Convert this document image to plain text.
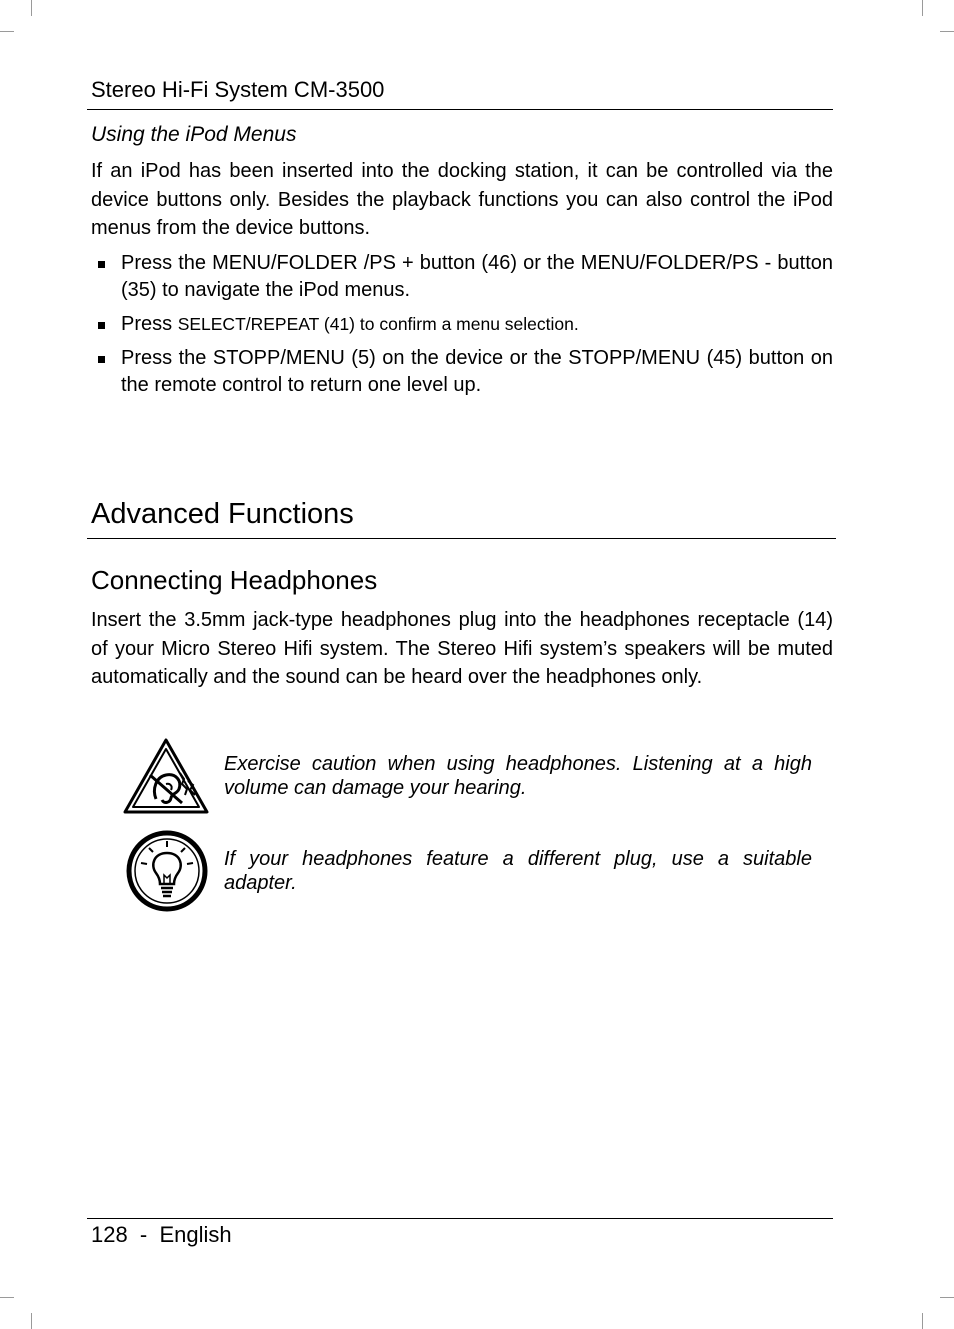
Stereo Hi-Fi System CM-3500
Using the iPod Menus
If an iPod has been inserted into the docking station, it can be controlled via the device buttons only. Besides the playback functions you can also control the iPod menus from the device buttons.
Press the MENU/FOLDER /PS + button (46) or the MENU/FOLDER/PS - button (35) to navigate the iPod menus.
Press SELECT/REPEAT (41) to confirm a menu selection.
Press the STOPP/MENU (5) on the device or the STOPP/MENU (45) button on the remote control to return one level up.
Advanced Functions
Connecting Headphones
Insert the 3.5mm jack-type headphones plug into the headphones receptacle (14) of your Micro Stereo Hifi system. The Stereo Hifi system’s speakers will be muted automatically and the sound can be heard over the headphones only.
Exercise caution when using headphones. Listening at a high volume can damage your hearing.
If your headphones feature a different plug, use a suitable adapter.
128  -  English
